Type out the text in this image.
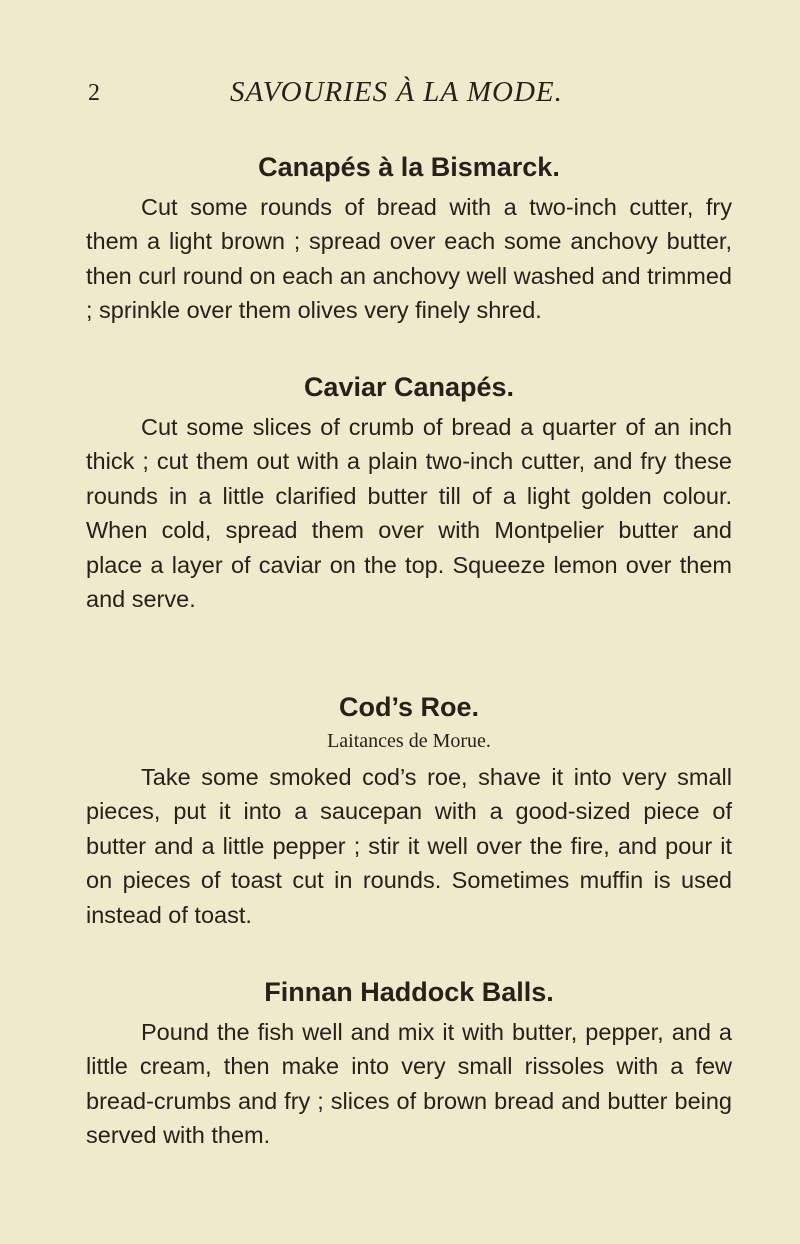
2	SAVOURIES À LA MODE.
Canapés à la Bismarck.

Cut some rounds of bread with a two-inch cutter, fry them a light brown ; spread over each some anchovy butter, then curl round on each an anchovy well washed and trimmed ; sprinkle over them olives very finely shred.

Caviar Canapés.

Cut some slices of crumb of bread a quarter of an inch thick ; cut them out with a plain two-inch cutter, and fry these rounds in a little clarified butter till of a light golden colour. When cold, spread them over with Montpelier butter and place a layer of caviar on the top. Squeeze lemon over them and serve.

Cod’s Roe.

Laitances de Morue.

Take some smoked cod’s roe, shave it into very small pieces, put it into a saucepan with a good-sized piece of butter and a little pepper ; stir it well over the fire, and pour it on pieces of toast cut in rounds. Sometimes muffin is used instead of toast.

Finnan Haddock Balls.

Pound the fish well and mix it with butter, pepper, and a little cream, then make into very small rissoles with a few bread-crumbs and fry ; slices of brown bread and butter being served with them.
